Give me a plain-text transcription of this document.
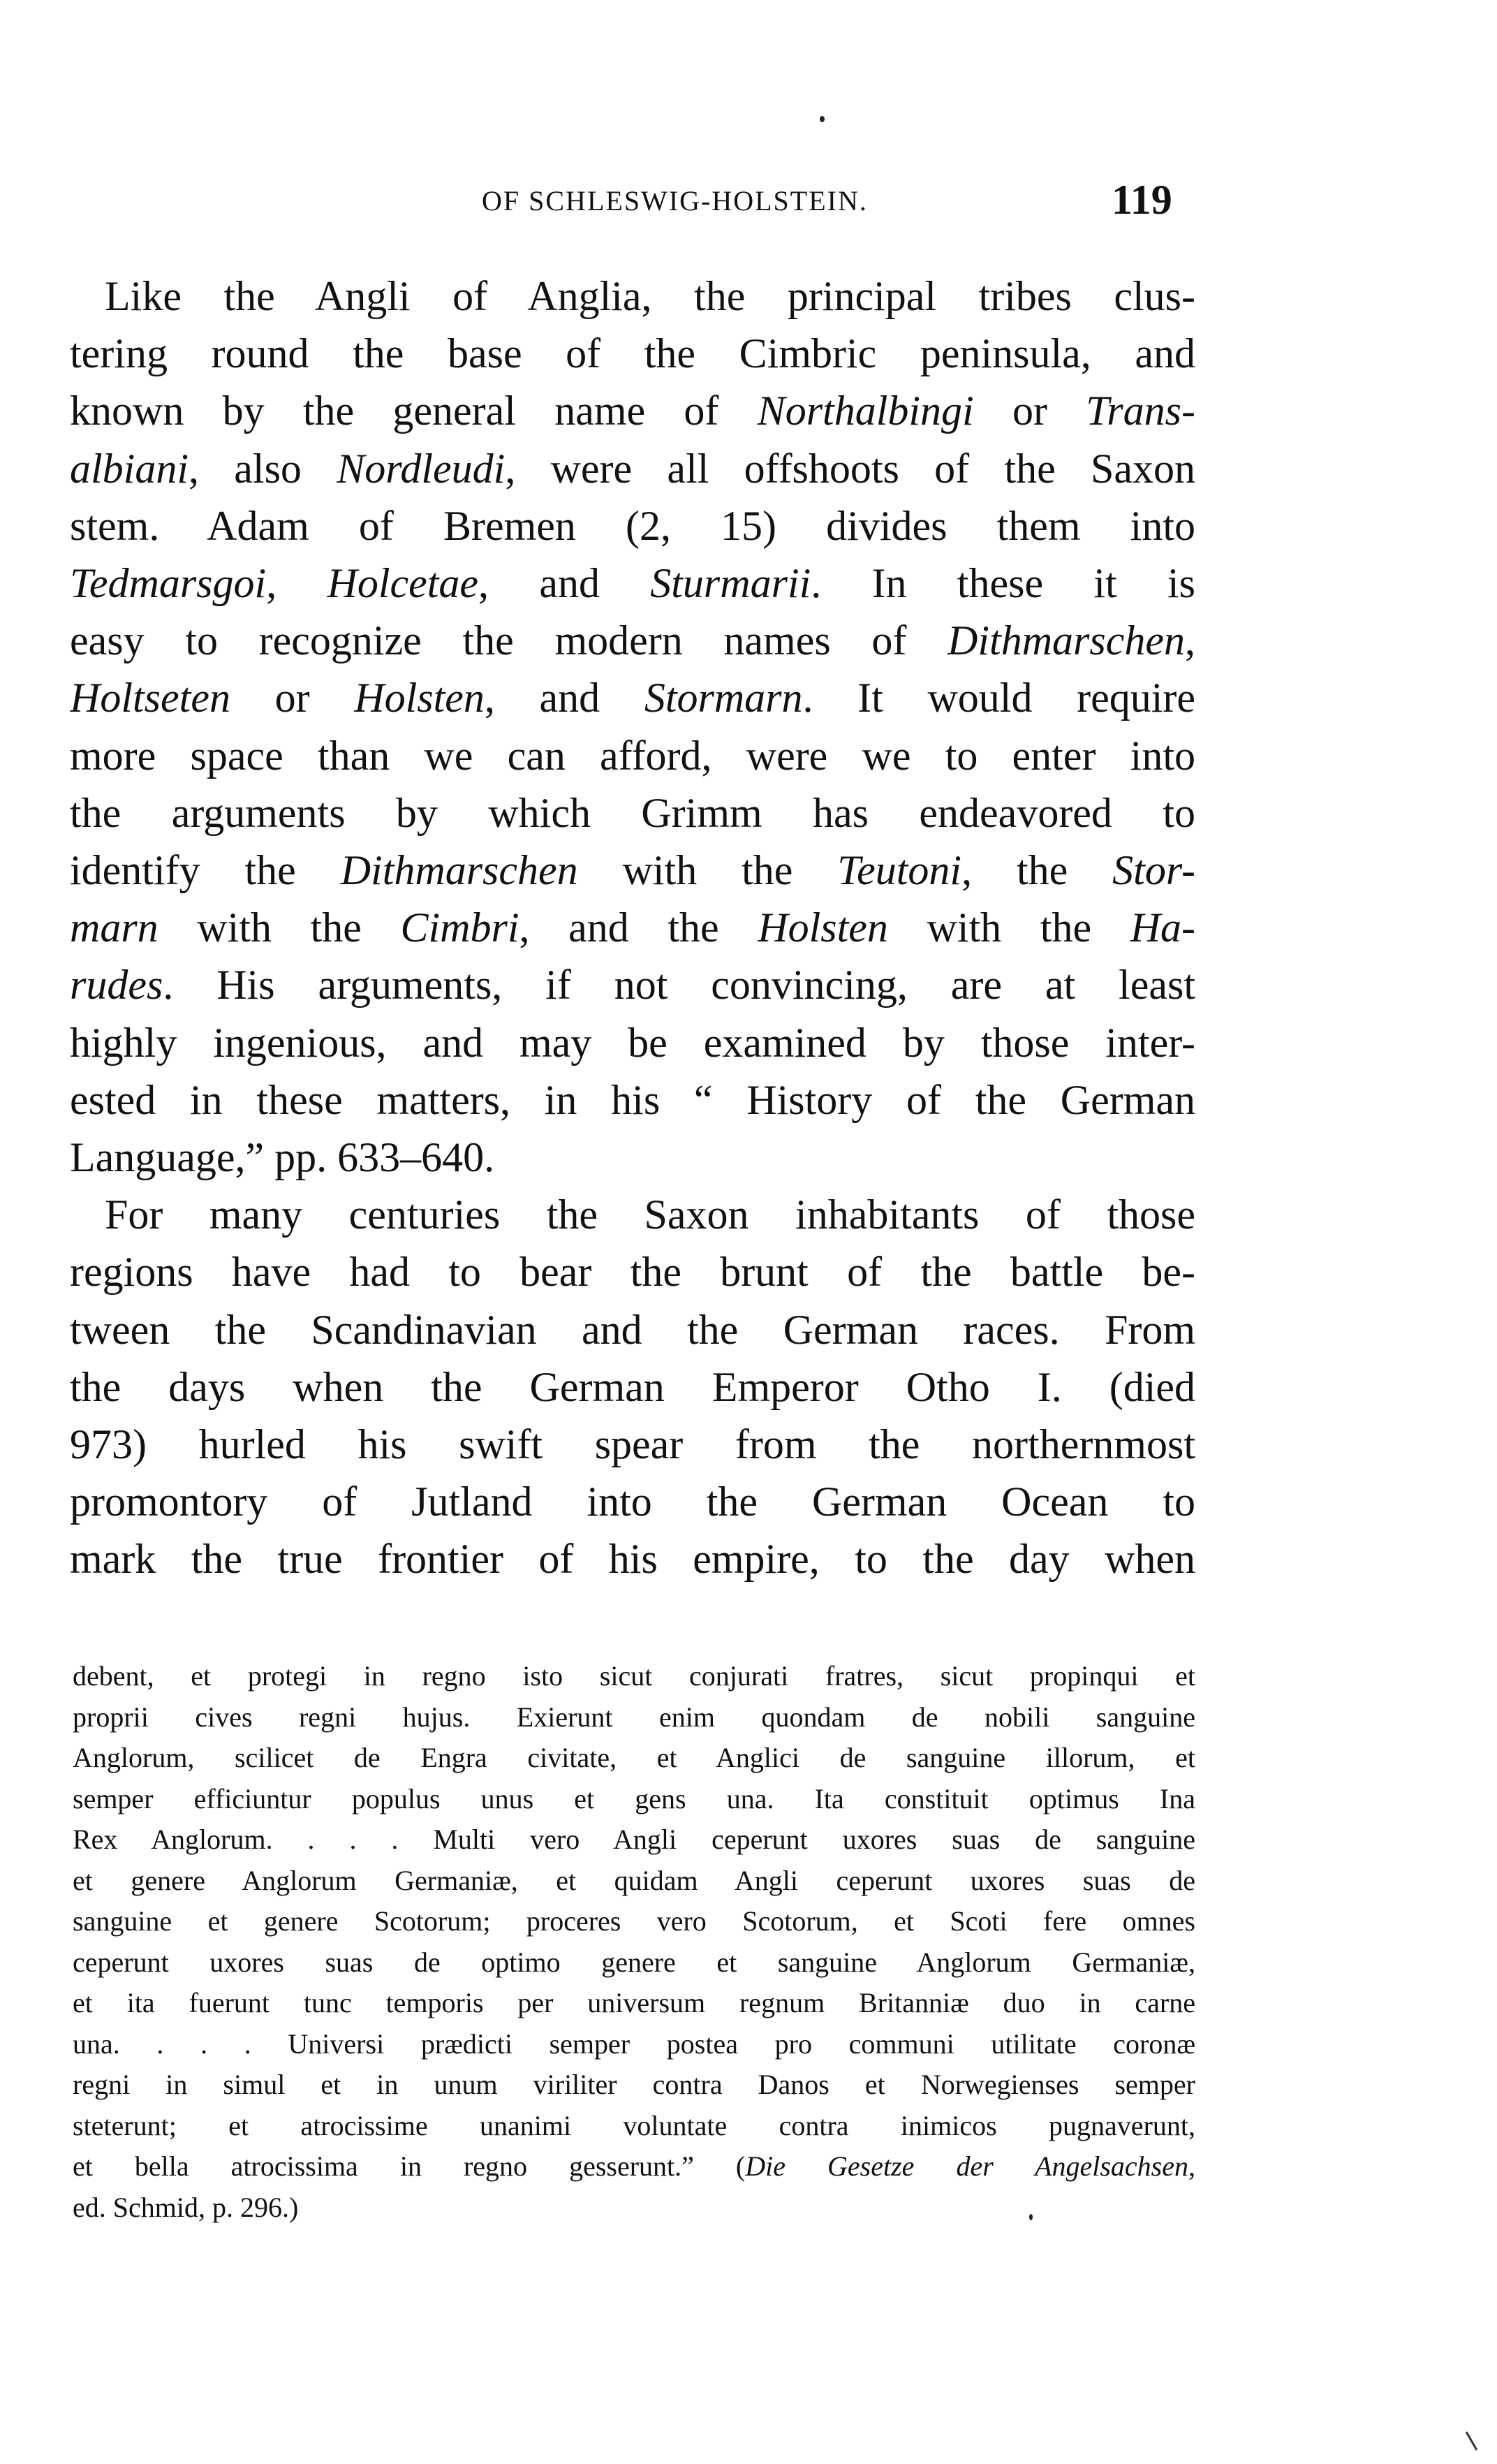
OF SCHLESWIG-HOLSTEIN.	119
Like the Angli of Anglia, the principal tribes clus-
tering round the base of the Cimbric peninsula, and
known by the general name of Northalbingi or Trans-
albiani, also Nordleudi, were all offshoots of the Saxon
stem. Adam of Bremen (2, 15) divides them into
Tedmarsgoi, Holcetae, and Sturmarii. In these it is
easy to recognize the modern names of Dithmarschen,
Holtseten or Holsten, and Stormarn. It would require
more space than we can afford, were we to enter into
the arguments by which Grimm has endeavored to
identify the Dithmarschen with the Teutoni, the Stor-
marn with the Cimbri, and the Holsten with the Ha-
rudes. His arguments, if not convincing, are at least
highly ingenious, and may be examined by those inter-
ested in these matters, in his “ History of the German
Language,” pp. 633–640.
For many centuries the Saxon inhabitants of those
regions have had to bear the brunt of the battle be-
tween the Scandinavian and the German races. From
the days when the German Emperor Otho I. (died
973) hurled his swift spear from the northernmost
promontory of Jutland into the German Ocean to
mark the true frontier of his empire, to the day when
debent, et protegi in regno isto sicut conjurati fratres, sicut propinqui et
proprii cives regni hujus. Exierunt enim quondam de nobili sanguine
Anglorum, scilicet de Engra civitate, et Anglici de sanguine illorum, et
semper efficiuntur populus unus et gens una. Ita constituit optimus Ina
Rex Anglorum. . . . Multi vero Angli ceperunt uxores suas de sanguine
et genere Anglorum Germaniæ, et quidam Angli ceperunt uxores suas de
sanguine et genere Scotorum; proceres vero Scotorum, et Scoti fere omnes
ceperunt uxores suas de optimo genere et sanguine Anglorum Germaniæ,
et ita fuerunt tunc temporis per universum regnum Britanniæ duo in carne
una. . . . Universi prædicti semper postea pro communi utilitate coronæ
regni in simul et in unum viriliter contra Danos et Norwegienses semper
steterunt; et atrocissime unanimi voluntate contra inimicos pugnaverunt,
et bella atrocissima in regno gesserunt.” (Die Gesetze der Angelsachsen,
ed. Schmid, p. 296.)
